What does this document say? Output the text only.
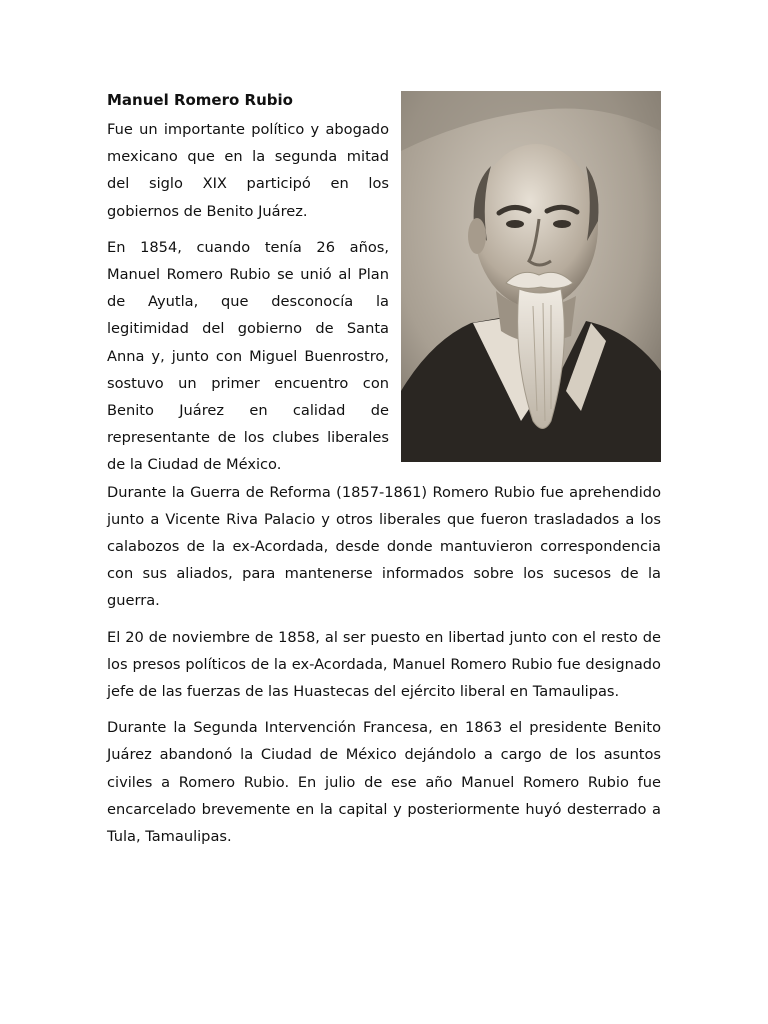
Manuel Romero Rubio

Fue un importante político y abogado mexicano que en la segunda mitad del siglo XIX participó en los gobiernos de Benito Juárez.

En 1854, cuando tenía 26 años, Manuel Romero Rubio se unió al Plan de Ayutla, que desconocía la legitimidad del gobierno de Santa Anna y, junto con Miguel Buenrostro, sostuvo un primer encuentro con Benito Juárez en calidad de representante de los clubes liberales de la Ciudad de México.

Durante la Guerra de Reforma (1857-1861) Romero Rubio fue aprehendido junto a Vicente Riva Palacio y otros liberales que fueron trasladados a los calabozos de la ex-Acordada, desde donde mantuvieron correspondencia con sus aliados, para mantenerse informados sobre los sucesos de la guerra.

El 20 de noviembre de 1858, al ser puesto en libertad junto con el resto de los presos políticos de la ex-Acordada, Manuel Romero Rubio fue designado jefe de las fuerzas de las Huastecas del ejército liberal en Tamaulipas.

Durante la Segunda Intervención Francesa, en 1863 el presidente Benito Juárez abandonó la Ciudad de México dejándolo a cargo de los asuntos civiles a Romero Rubio. En julio de ese año Manuel Romero Rubio fue encarcelado brevemente en la capital y posteriormente huyó desterrado a Tula, Tamaulipas.
